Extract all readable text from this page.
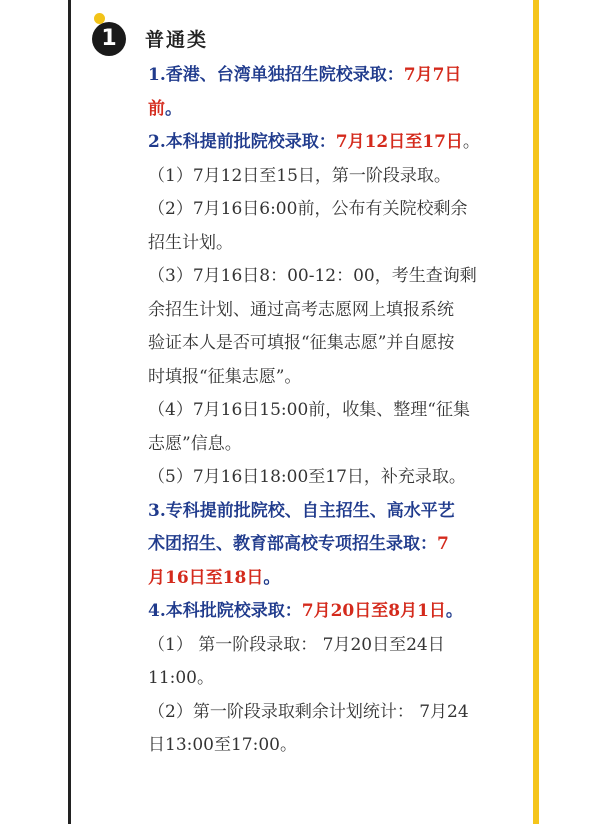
1	普通类
1.香港、台湾单独招生院校录取：7月7日
前。
2.本科提前批院校录取：7月12日至17日。
（1）7月12日至15日，第一阶段录取。
（2）7月16日6:00前，公布有关院校剩余
招生计划。
（3）7月16日8：00-12：00，考生查询剩
余招生计划、通过高考志愿网上填报系统
验证本人是否可填报“征集志愿”并自愿按
时填报“征集志愿”。
（4）7月16日15:00前，收集、整理“征集
志愿”信息。
（5）7月16日18:00至17日，补充录取。
3.专科提前批院校、自主招生、高水平艺
术团招生、教育部高校专项招生录取：7
月16日至18日。
4.本科批院校录取：7月20日至8月1日。
（1） 第一阶段录取： 7月20日至24日
11:00。
（2）第一阶段录取剩余计划统计： 7月24
日13:00至17:00。
